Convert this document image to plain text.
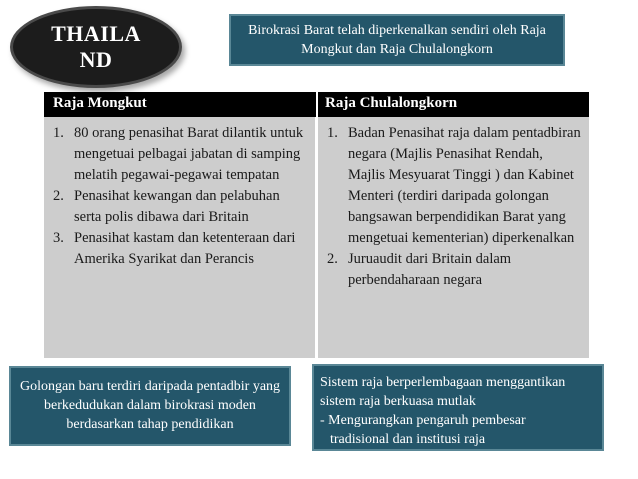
THAILAND
Birokrasi Barat telah diperkenalkan sendiri oleh Raja Mongkut dan Raja Chulalongkorn
Raja Mongkut	Raja Chulalongkorn
1. 80 orang penasihat Barat dilantik untuk mengetuai pelbagai jabatan di samping melatih pegawai-pegawai tempatan
2. Penasihat kewangan dan pelabuhan serta polis dibawa dari Britain
3. Penasihat kastam dan ketenteraan dari Amerika Syarikat dan Perancis
1. Badan Penasihat raja dalam pentadbiran negara (Majlis Penasihat Rendah, Majlis Mesyuarat Tinggi ) dan Kabinet Menteri (terdiri daripada golongan bangsawan berpendidikan Barat yang mengetuai kementerian) diperkenalkan
2. Juruaudit dari Britain dalam perbendaharaan negara
Golongan baru terdiri daripada pentadbir yang berkedudukan dalam birokrasi moden berdasarkan tahap pendidikan
Sistem raja berperlembagaan menggantikan sistem raja berkuasa mutlak
- Mengurangkan pengaruh pembesar
tradisional dan institusi raja
